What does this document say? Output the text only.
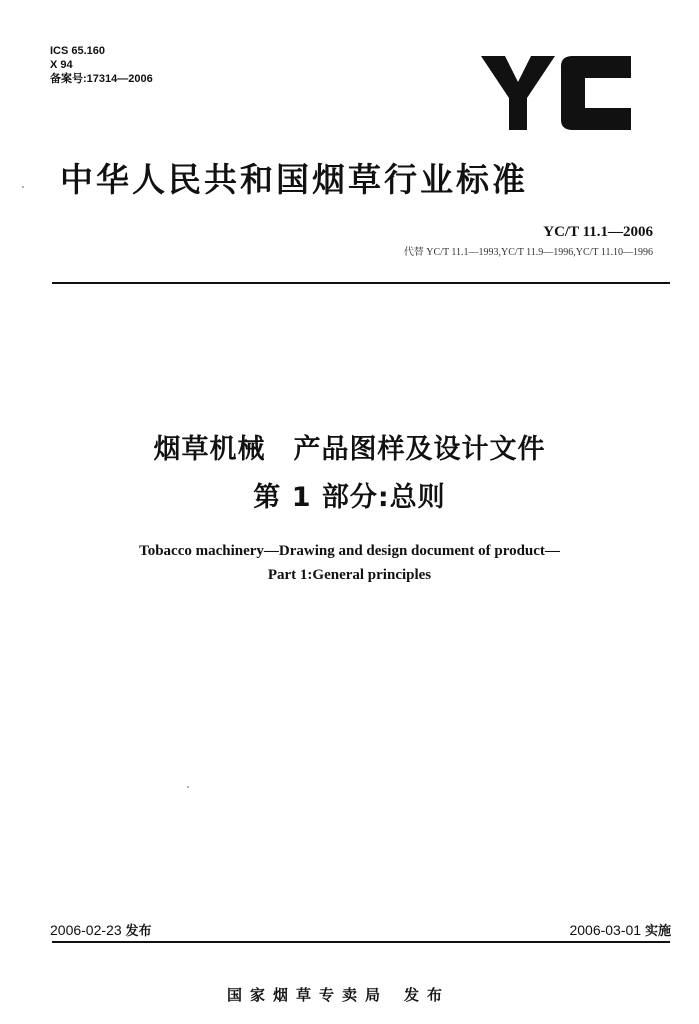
ICS 65.160
X 94
备案号:17314—2006
中华人民共和国烟草行业标准
YC/T 11.1—2006
代替 YC/T 11.1—1993,YC/T 11.9—1996,YC/T 11.10—1996
烟草机械　产品图样及设计文件
第 1 部分:总则
Tobacco machinery—Drawing and design document of product—
Part 1:General principles
2006-02-23 发布	2006-03-01 实施
国家烟草专卖局 发布
